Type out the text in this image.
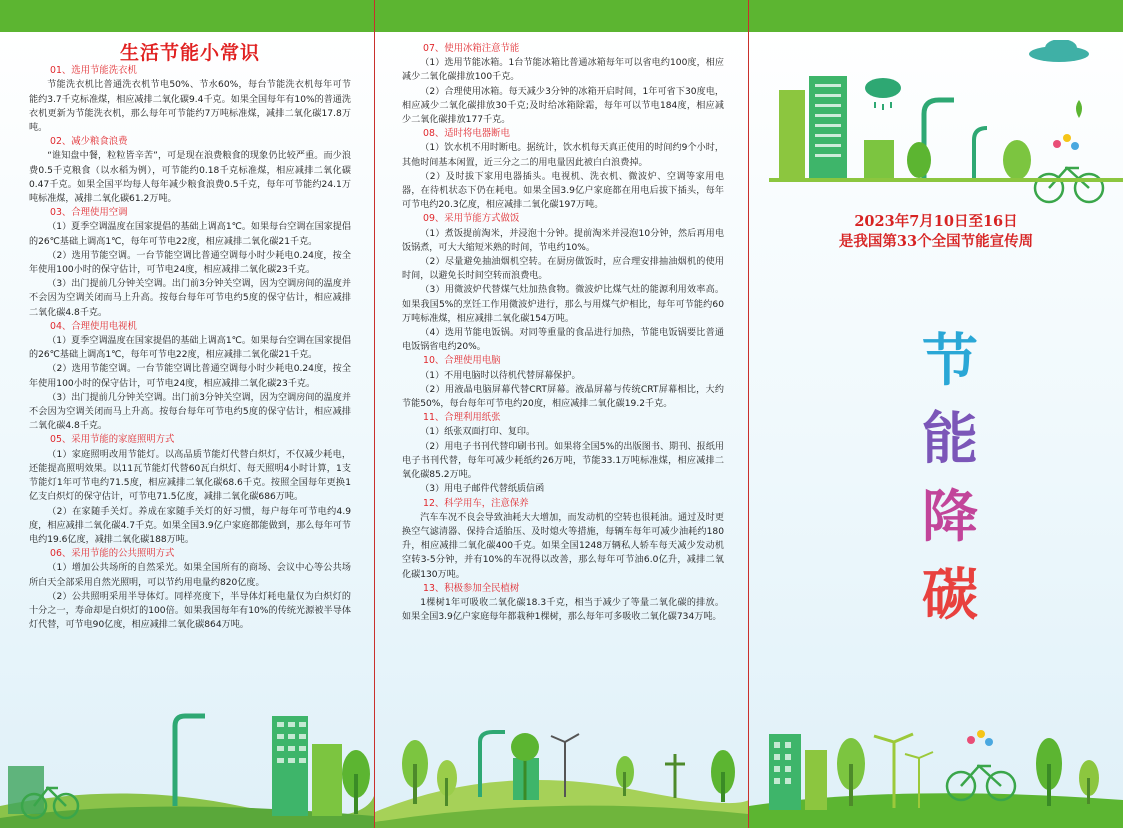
生活节能小常识
01、选用节能洗衣机

节能洗衣机比普通洗衣机节电50%、节水60%，每台节能洗衣机每年可节能约3.7千克标准煤，相应减排二氧化碳9.4千克。如果全国每年有10%的普通洗衣机更新为节能洗衣机，那么每年可节能约7万吨标准煤，减排二氧化碳17.8万吨。

02、减少粮食浪费

“谁知盘中餐，粒粒皆辛苦”，可是现在浪费粮食的现象仍比较严重。而少浪费0.5千克粮食（以水稻为例），可节能约0.18千克标准煤，相应减排二氧化碳0.47千克。如果全国平均每人每年减少粮食浪费0.5千克，每年可节能约24.1万吨标准煤，减排二氧化碳61.2万吨。

03、合理使用空调

（1）夏季空调温度在国家提倡的基础上调高1℃。如果每台空调在国家提倡的26℃基础上调高1℃，每年可节电22度，相应减排二氧化碳21千克。

（2）选用节能空调。一台节能空调比普通空调每小时少耗电0.24度，按全年使用100小时的保守估计，可节电24度，相应减排二氧化碳23千克。

（3）出门提前几分钟关空调。出门前3分钟关空调，因为空调房间的温度并不会因为空调关闭而马上升高。按每台每年可节电约5度的保守估计，相应减排二氧化碳4.8千克。

04、合理使用电视机

（1）夏季空调温度在国家提倡的基础上调高1℃。如果每台空调在国家提倡的26℃基础上调高1℃，每年可节电22度，相应减排二氧化碳21千克。

（2）选用节能空调。一台节能空调比普通空调每小时少耗电0.24度，按全年使用100小时的保守估计，可节电24度，相应减排二氧化碳23千克。

（3）出门提前几分钟关空调。出门前3分钟关空调，因为空调房间的温度并不会因为空调关闭而马上升高。按每台每年可节电约5度的保守估计，相应减排二氧化碳4.8千克。

05、采用节能的家庭照明方式

（1）家庭照明改用节能灯。以高品质节能灯代替白炽灯，不仅减少耗电，还能提高照明效果。以11瓦节能灯代替60瓦白炽灯、每天照明4小时计算，1支节能灯1年可节电约71.5度，相应减排二氧化碳68.6千克。按照全国每年更换1亿支白炽灯的保守估计，可节电71.5亿度，减排二氧化碳686万吨。

（2）在家随手关灯。养成在家随手关灯的好习惯，每户每年可节电约4.9度，相应减排二氧化碳4.7千克。如果全国3.9亿户家庭都能做到，那么每年可节电约19.6亿度，减排二氧化碳188万吨。

06、采用节能的公共照明方式

（1）增加公共场所的自然采光。如果全国所有的商场、会议中心等公共场所白天全部采用自然光照明，可以节约用电量约820亿度。

（2）公共照明采用半导体灯。同样亮度下，半导体灯耗电量仅为白炽灯的十分之一，寿命却是白炽灯的100倍。如果我国每年有10%的传统光源被半导体灯代替，可节电90亿度，相应减排二氧化碳864万吨。

07、使用冰箱注意节能

（1）选用节能冰箱。1台节能冰箱比普通冰箱每年可以省电约100度，相应减少二氧化碳排放100千克。

（2）合理使用冰箱。每天减少3分钟的冰箱开启时间，1年可省下30度电，相应减少二氧化碳排放30千克;及时给冰箱除霜，每年可以节电184度，相应减少二氧化碳排放177千克。

08、适时将电器断电

（1）饮水机不用时断电。据统计，饮水机每天真正使用的时间约9个小时，其他时间基本闲置，近三分之二的用电量因此被白白浪费掉。

（2）及时拔下家用电器插头。电视机、洗衣机、微波炉、空调等家用电器，在待机状态下仍在耗电。如果全国3.9亿户家庭都在用电后拔下插头，每年可节电约20.3亿度，相应减排二氧化碳197万吨。

09、采用节能方式做饭

（1）煮饭提前淘米，并浸泡十分钟。提前淘米并浸泡10分钟，然后再用电饭锅煮，可大大缩短米熟的时间，节电约10%。

（2）尽量避免抽油烟机空转。在厨房做饭时，应合理安排抽油烟机的使用时间，以避免长时间空转而浪费电。

（3）用微波炉代替煤气灶加热食物。微波炉比煤气灶的能源利用效率高。如果我国5%的烹饪工作用微波炉进行，那么与用煤气炉相比，每年可节能约60万吨标准煤，相应减排二氧化碳154万吨。

（4）选用节能电饭锅。对同等重量的食品进行加热，节能电饭锅要比普通电饭锅省电约20%。

10、合理使用电脑

（1）不用电脑时以待机代替屏幕保护。

（2）用液晶电脑屏幕代替CRT屏幕。液晶屏幕与传统CRT屏幕相比，大约节能50%，每台每年可节电约20度，相应减排二氧化碳19.2千克。

11、合理利用纸张

（1）纸张双面打印、复印。

（2）用电子书刊代替印刷书刊。如果将全国5%的出版图书、期刊、报纸用电子书刊代替，每年可减少耗纸约26万吨，节能33.1万吨标准煤，相应减排二氧化碳85.2万吨。

（3）用电子邮件代替纸质信函

12、科学用车，注意保养

汽车车况不良会导致油耗大大增加，而发动机的空转也很耗油。通过及时更换空气滤清器、保持合适胎压、及时熄火等措施，每辆车每年可减少油耗约180升，相应减排二氧化碳400千克。如果全国1248万辆私人轿车每天减少发动机空转3-5分钟，并有10%的车况得以改善，那么每年可节油6.0亿升，减排二氧化碳130万吨。

13、积极参加全民植树

1棵树1年可吸收二氧化碳18.3千克，相当于减少了等量二氧化碳的排放。如果全国3.9亿户家庭每年都栽种1棵树，那么每年可多吸收二氧化碳734万吨。

2023年7月10日至16日
是我国第33个全国节能宣传周
节
能
降
碳
